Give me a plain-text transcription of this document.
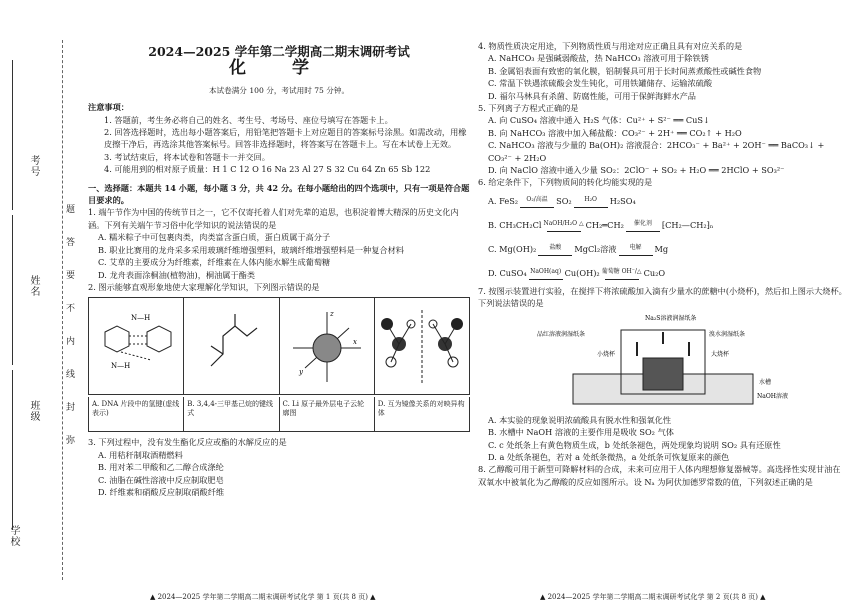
学校
考号
姓名
班级
题
答
要
不
内
线
封
弥
2024—2025 学年第二学期高二期末调研考试
化 学

本试卷满分 100 分，考试用时 75 分钟。

注意事项：

1. 答题前，考生务必将自己的姓名、考生号、考场号、座位号填写在答题卡上。

2. 回答选择题时，选出每小题答案后，用铅笔把答题卡上对应题目的答案标号涂黑。如需改动，用橡皮擦干净后，再选涂其他答案标号。回答非选择题时，将答案写在答题卡上。写在本试卷上无效。

3. 考试结束后，将本试卷和答题卡一并交回。

4. 可能用到的相对原子质量：H 1 C 12 O 16 Na 23 Al 27 S 32 Cu 64 Zn 65 Sb 122

一、选择题：本题共 14 小题，每小题 3 分，共 42 分。在每小题给出的四个选项中，只有一项是符合题目要求的。

1. 端午节作为中国的传统节日之一，它不仅寄托着人们对先辈的追思，也积淀着博大精深的历史文化内涵。下列有关端午节习俗中化学知识的说法错误的是

A. 糯米粽子中可包裹肉类，肉类富含蛋白质，蛋白质属于高分子

B. 职业比赛用的龙舟采多采用玻璃纤维增强塑料，玻璃纤维增强塑料是一种复合材料

C. 艾草的主要成分为纤维素，纤维素在人体内能水解生成葡萄糖

D. 龙舟表面涂桐油(植物油)，桐油属于酯类

2. 图示能够直观形象地使大家理解化学知识，下列图示错误的是

N—H
N—H
x
z
y
A. DNA 片段中的氢键(虚线表示)
B. 3,4,4-三甲基己烷的键线式
C. Li 原子最外层电子云轮廓图
D. 互为镜像关系的对映异构体

3. 下列过程中，没有发生酯化反应或酯的水解反应的是

A. 用秸秆制取酒精燃料

B. 用对苯二甲酸和乙二醇合成涤纶

C. 油脂在碱性溶液中反应制取肥皂

D. 纤维素和硝酸反应制取硝酸纤维

▲ 2024—2025 学年第二学期高二期末调研考试化学 第 1 页(共 8 页) ▲

4. 物质性质决定用途，下列物质性质与用途对应正确且具有对应关系的是

A. NaHCO₃ 是强碱弱酸盐，热 NaHCO₃ 溶液可用于除铁锈

B. 金属铝表面有致密的氧化膜，铝制餐具可用于长时间蒸煮酸性或碱性食物

C. 常温下铁遇浓硫酸会发生钝化，可用铁罐储存、运输浓硫酸

D. 福尔马林具有杀菌、防腐性能，可用于保鲜海鲜水产品

5. 下列离子方程式正确的是

A. 向 CuSO₄ 溶液中通入 H₂S 气体：Cu²⁺ + S²⁻ ══ CuS↓

B. 向 NaHCO₃ 溶液中加入稀盐酸：CO₃²⁻ + 2H⁺ ══ CO₂↑ + H₂O

C. NaHCO₃ 溶液与少量的 Ba(OH)₂ 溶液混合：2HCO₃⁻ + Ba²⁺ + 2OH⁻ ══ BaCO₃↓ + CO₃²⁻ + 2H₂O

D. 向 NaClO 溶液中通入少量 SO₂：2ClO⁻ + SO₂ + H₂O ══ 2HClO + SO₃²⁻

6. 给定条件下，下列物质间的转化均能实现的是

A. FeS₂ O₂/高温 SO₂ H₂O H₂SO₄
B. CH₃CH₂Cl NaOH/H₂O △ CH₂═CH₂ 催化剂 ⁅CH₂—CH₂⁆ₙ
C. Mg(OH)₂ 盐酸 MgCl₂溶液 电解 Mg
D. CuSO₄ NaOH(aq) Cu(OH)₂ 葡萄糖 OH⁻/△ Cu₂O

7. 按图示装置进行实验，在搅拌下将浓硫酸加入滴有少量水的蔗糖中(小烧杯)，然后扣上图示大烧杯。下列说法错误的是

Na₂S溶液润湿纸条
品红溶液润湿纸条	溴水润湿纸条
小烧杯	大烧杯
水槽
NaOH溶液

A. 本实验的现象说明浓硫酸具有脱水性和强氧化性

B. 水槽中 NaOH 溶液的主要作用是吸收 SO₂ 气体

C. c 处纸条上有黄色物质生成，b 处纸条褪色，两处现象均说明 SO₂ 具有还原性

D. a 处纸条褪色，若对 a 处纸条微热，a 处纸条可恢复原来的颜色

8. 乙醇酸可用于新型可降解材料的合成，未来可应用于人体内理想修复器械等。高选择性实现甘油在双氧水中被氧化为乙醇酸的反应如图所示。设 Nₐ 为阿伏加德罗常数的值，下列叙述正确的是

▲ 2024—2025 学年第二学期高二期末调研考试化学 第 2 页(共 8 页) ▲
